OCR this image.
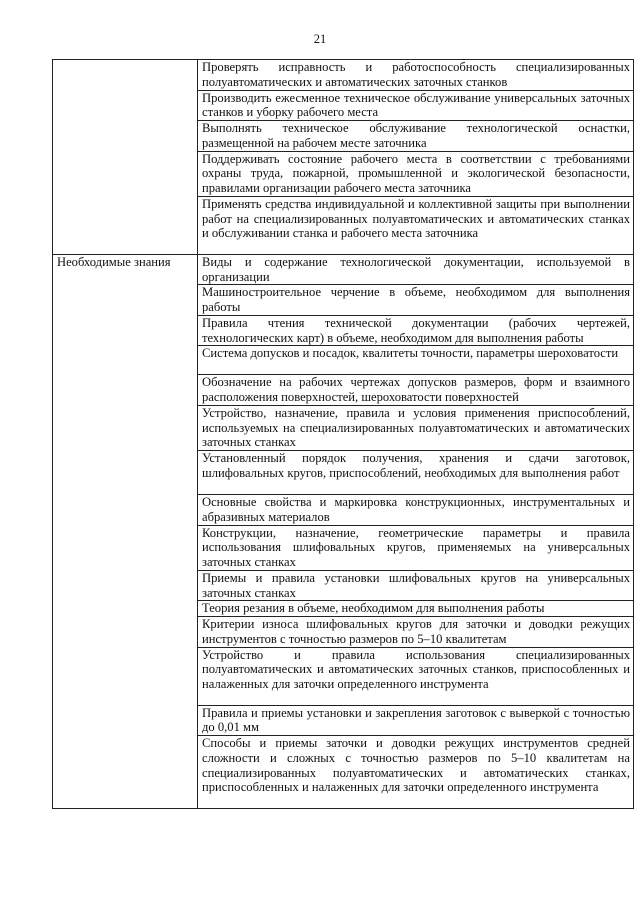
21
	Проверять исправность и работоспособность специализированных полуавтоматических и автоматических заточных станков
	Производить ежесменное техническое обслуживание универсальных заточных станков и уборку рабочего места
	Выполнять техническое обслуживание технологической оснастки, размещенной на рабочем месте заточника
	Поддерживать состояние рабочего места в соответствии с требованиями охраны труда, пожарной, промышленной и экологической безопасности, правилами организации рабочего места заточника
	Применять средства индивидуальной и коллективной защиты при выполнении работ на специализированных полуавтоматических и автоматических станках и обслуживании станка и рабочего места заточника
Необходимые знания	Виды и содержание технологической документации, используемой в организации
	Машиностроительное черчение в объеме, необходимом для выполнения работы
	Правила чтения технической документации (рабочих чертежей, технологических карт) в объеме, необходимом для выполнения работы
	Система допусков и посадок, квалитеты точности, параметры шероховатости
	Обозначение на рабочих чертежах допусков размеров, форм и взаимного расположения поверхностей, шероховатости поверхностей
	Устройство, назначение, правила и условия применения приспособлений, используемых на специализированных полуавтоматических и автоматических заточных станках
	Установленный порядок получения, хранения и сдачи заготовок, шлифовальных кругов, приспособлений, необходимых для выполнения работ
	Основные свойства и маркировка конструкционных, инструментальных и абразивных материалов
	Конструкции, назначение, геометрические параметры и правила использования шлифовальных кругов, применяемых на универсальных заточных станках
	Приемы и правила установки шлифовальных кругов на универсальных заточных станках
	Теория резания в объеме, необходимом для выполнения работы
	Критерии износа шлифовальных кругов для заточки и доводки режущих инструментов с точностью размеров по 5–10 квалитетам
	Устройство и правила использования специализированных полуавтоматических и автоматических заточных станков, приспособленных и налаженных для заточки определенного инструмента
	Правила и приемы установки и закрепления заготовок с выверкой с точностью до 0,01 мм
	Способы и приемы заточки и доводки режущих инструментов средней сложности и сложных с точностью размеров по 5–10 квалитетам на специализированных полуавтоматических и автоматических станках, приспособленных и налаженных для заточки определенного инструмента
